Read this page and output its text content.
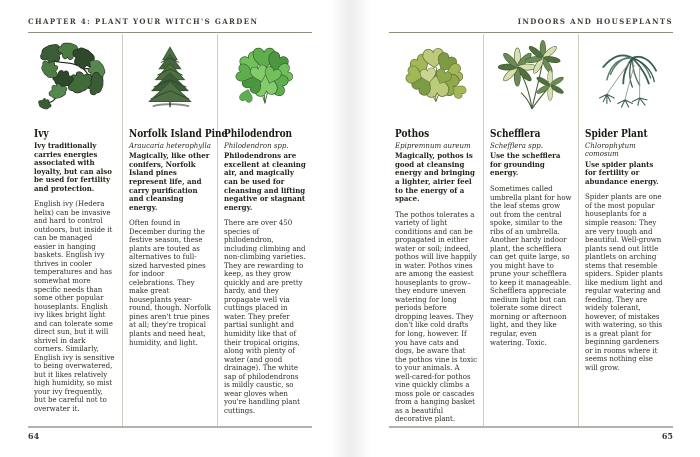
CHAPTER 4: PLANT YOUR WITCH'S GARDEN
Ivy
Ivy traditionally carries energies associated with loyalty, but can also be used for fertility and protection.
English ivy (Hedera helix) can be invasive and hard to control outdoors, but inside it can be managed easier in hanging baskets. English ivy thrives in cooler temperatures and has somewhat more specific needs than some other popular houseplants. English ivy likes bright light and can tolerate some direct sun, but it will shrivel in dark corners. Similarly, English ivy is sensitive to being overwatered, but it likes relatively high humidity, so mist your ivy frequently, but be careful not to overwater it.
Norfolk Island Pine
Araucaria heterophylla
Magically, like other conifers, Norfolk Island pines represent life, and carry purification and cleansing energy.
Often found in December during the festive season, these plants are touted as alternatives to full-sized harvested pines for indoor celebrations. They make great houseplants year-round, though. Norfolk pines aren't true pines at all; they're tropical plants and need heat, humidity, and light.
Philodendron
Philodendron spp.
Philodendrons are excellent at cleaning air, and magically can be used for cleansing and lifting negative or stagnant energy.
There are over 450 species of philodendron, including climbing and non-climbing varieties. They are rewarding to keep, as they grow quickly and are pretty hardy, and they propagate well via cuttings placed in water. They prefer partial sunlight and humidity like that of their tropical origins, along with plenty of water (and good drainage). The white sap of philodendrons is mildly caustic, so wear gloves when you're handling plant cuttings.
64
INDOORS AND HOUSEPLANTS
Pothos
Epipremnum aureum
Magically, pothos is good at cleansing energy and bringing a lighter, airier feel to the energy of a space.
The pothos tolerates a variety of light conditions and can be propagated in either water or soil; indeed, pothos will live happily in water. Pothos vines are among the easiest houseplants to grow–they endure uneven watering for long periods before dropping leaves. They don't like cold drafts for long, however. If you have cats and dogs, be aware that the pothos vine is toxic to your animals. A well-cared-for pothos vine quickly climbs a moss pole or cascades from a hanging basket as a beautiful decorative plant.
Schefflera
Schefflera spp.
Use the schefflera for grounding energy.
Sometimes called umbrella plant for how the leaf stems grow out from the central spoke, similar to the ribs of an umbrella. Another hardy indoor plant, the schefflera can get quite large, so you might have to prune your schefflera to keep it manageable. Schefflera appreciate medium light but can tolerate some direct morning or afternoon light, and they like regular, even watering. Toxic.
Spider Plant
Chlorophytum comosum
Use spider plants for fertility or abundance energy.
Spider plants are one of the most popular houseplants for a simple reason: They are very tough and beautiful. Well-grown plants send out little plantlets on arching stems that resemble spiders. Spider plants like medium light and regular watering and feeding. They are widely tolerant, however, of mistakes with watering, so this is a great plant for beginning gardeners or in rooms where it seems nothing else will grow.
65
